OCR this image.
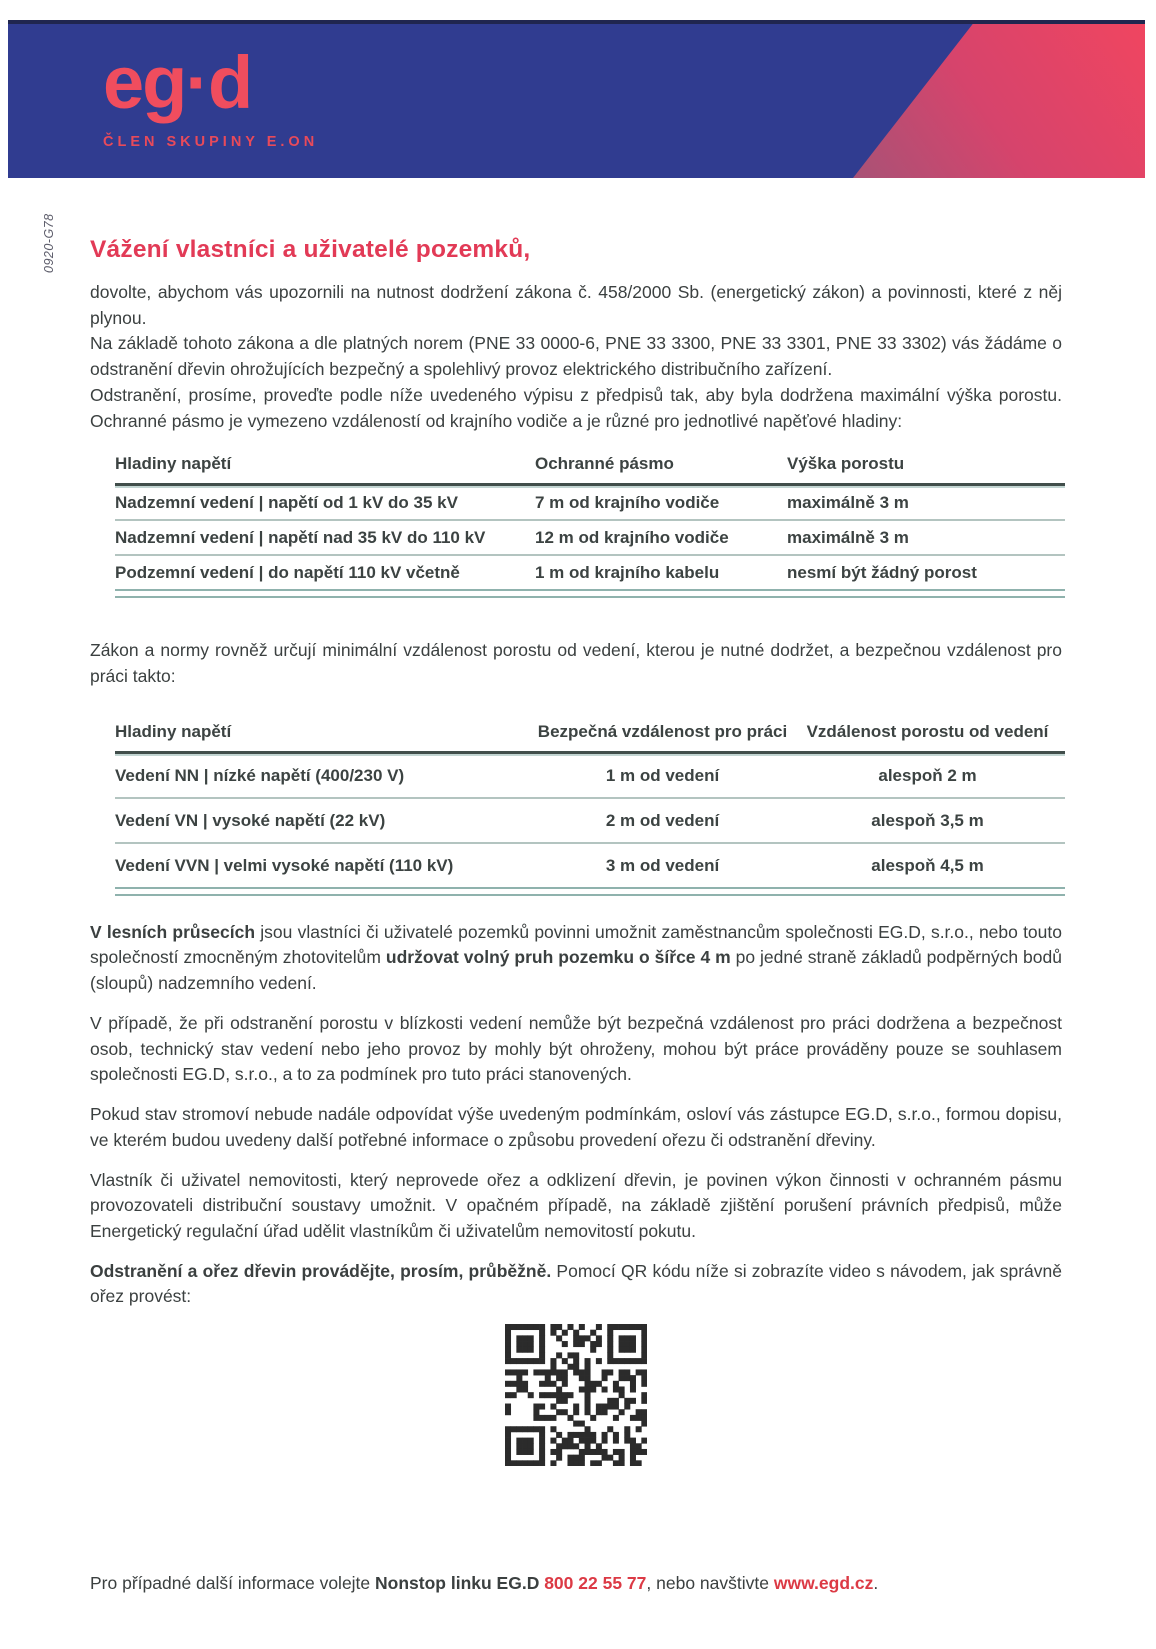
eg·d
ČLEN SKUPINY E.ON
0920-G78 Vážení vlastníci a uživatelé pozemků,

dovolte, abychom vás upozornili na nutnost dodržení zákona č. 458/2000 Sb. (energetický zákon) a povinnosti, které z něj plynou.

Na základě tohoto zákona a dle platných norem (PNE 33 0000-6, PNE 33 3300, PNE 33 3301, PNE 33 3302) vás žádáme o odstranění dřevin ohrožujících bezpečný a spolehlivý provoz elektrického distribučního zařízení.

Odstranění, prosíme, proveďte podle níže uvedeného výpisu z předpisů tak, aby byla dodržena maximální výška porostu. Ochranné pásmo je vymezeno vzdáleností od krajního vodiče a je různé pro jednotlivé napěťové hladiny:

Hladiny napětí	Ochranné pásmo	Výška porostu
Nadzemní vedení | napětí od 1 kV do 35 kV	7 m od krajního vodiče	maximálně 3 m
Nadzemní vedení | napětí nad 35 kV do 110 kV	12 m od krajního vodiče	maximálně 3 m
Podzemní vedení | do napětí 110 kV včetně	1 m od krajního kabelu	nesmí být žádný porost

Zákon a normy rovněž určují minimální vzdálenost porostu od vedení, kterou je nutné dodržet, a bezpečnou vzdálenost pro práci takto:

Hladiny napětí	Bezpečná vzdálenost pro práci	Vzdálenost porostu od vedení
Vedení NN | nízké napětí (400/230 V)	1 m od vedení	alespoň 2 m
Vedení VN | vysoké napětí (22 kV)	2 m od vedení	alespoň 3,5 m
Vedení VVN | velmi vysoké napětí (110 kV)	3 m od vedení	alespoň 4,5 m

V lesních průsecích jsou vlastníci či uživatelé pozemků povinni umožnit zaměstnancům společnosti EG.D, s.r.o., nebo touto společností zmocněným zhotovitelům udržovat volný pruh pozemku o šířce 4 m po jedné straně základů podpěrných bodů (sloupů) nadzemního vedení.

V případě, že při odstranění porostu v blízkosti vedení nemůže být bezpečná vzdálenost pro práci dodržena a bezpečnost osob, technický stav vedení nebo jeho provoz by mohly být ohroženy, mohou být práce prováděny pouze se souhlasem společnosti EG.D, s.r.o., a to za podmínek pro tuto práci stanovených.

Pokud stav stromoví nebude nadále odpovídat výše uvedeným podmínkám, osloví vás zástupce EG.D, s.r.o., formou dopisu, ve kterém budou uvedeny další potřebné informace o způsobu provedení ořezu či odstranění dřeviny.

Vlastník či uživatel nemovitosti, který neprovede ořez a odklizení dřevin, je povinen výkon činnosti v ochranném pásmu provozovateli distribuční soustavy umožnit. V opačném případě, na základě zjištění porušení právních předpisů, může Energetický regulační úřad udělit vlastníkům či uživatelům nemovitostí pokutu.

Odstranění a ořez dřevin provádějte, prosím, průběžně. Pomocí QR kódu níže si zobrazíte video s návodem, jak správně ořez provést:

Pro případné další informace volejte Nonstop linku EG.D 800 22 55 77, nebo navštivte www.egd.cz.
